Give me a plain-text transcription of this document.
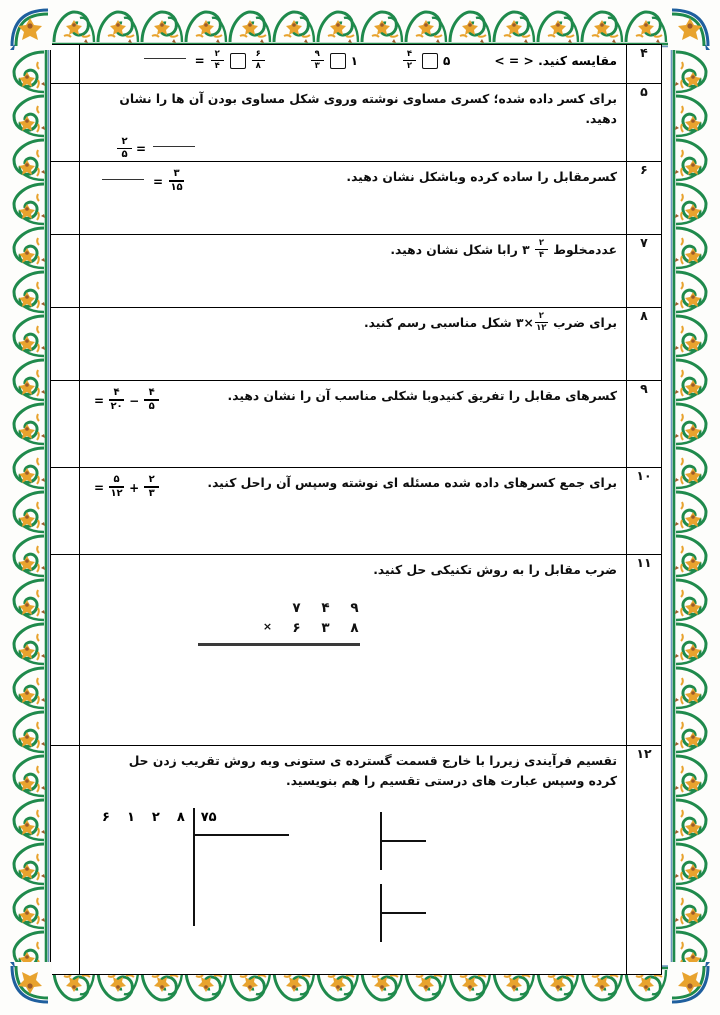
۴	
مقایسه کنید. < = >
۵
$\frac{۴}{۲}$
۱
$\frac{۹}{۳}$
$\frac{۶}{۸}$
$\frac{۲}{۴}$
=

۵	برای کسر داده شده؛ کسری مساوی نوشته وروی شکل مساوی بودن آن ها را نشان دهید.
$\frac{۲}{۵}$ =	

۶	کسرمقابل را ساده کرده وباشکل نشان دهید.
$\frac{۳}{۱۵}$
=	

۷	عددمخلوط
$\frac{۲}{۴}$
۳ رابا شکل نشان دهید.	

۸	برای ضرب
$\frac{۲}{۱۲}$
×۳ شکل مناسبی رسم کنید.	

۹	
کسرهای مقابل را تفریق کنیدوبا شکلی مناسب آن را نشان دهید.
$\frac{۴}{۵}$
−
$\frac{۴}{۲۰}$
=

۱۰	
برای جمع کسرهای داده شده مسئله ای نوشته وسپس آن راحل کنید.
$\frac{۲}{۳}$
+
$\frac{۵}{۱۲}$
=

۱۱	
ضرب مقابل را به روش تکنیکی حل کنید.
۷ ۴ ۹
× ۶ ۳ ۸

۱۲	
تقسیم فرآیندی زیررا با خارج قسمت گسترده ی ستونی وبه روش تقریب زدن حل کرده وسپس عبارت های درستی تقسیم را هم بنویسید.
۶ ۱ ۲ ۸ ۷۵
